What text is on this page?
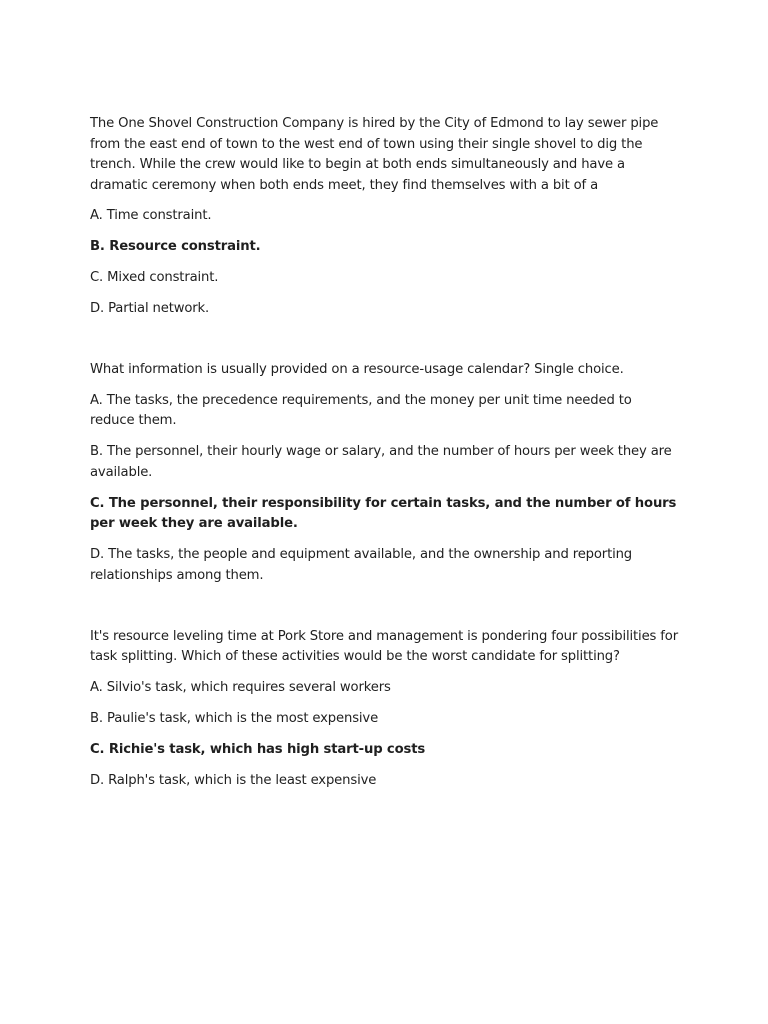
The One Shovel Construction Company is hired by the City of Edmond to lay sewer pipe from the east end of town to the west end of town using their single shovel to dig the trench. While the crew would like to begin at both ends simultaneously and have a dramatic ceremony when both ends meet, they find themselves with a bit of a

A. Time constraint.

B. Resource constraint.

C. Mixed constraint.

D. Partial network.

What information is usually provided on a resource-usage calendar? Single choice.

A. The tasks, the precedence requirements, and the money per unit time needed to reduce them.

B. The personnel, their hourly wage or salary, and the number of hours per week they are available.

C. The personnel, their responsibility for certain tasks, and the number of hours per week they are available.

D. The tasks, the people and equipment available, and the ownership and reporting relationships among them.

It's resource leveling time at Pork Store and management is pondering four possibilities for task splitting. Which of these activities would be the worst candidate for splitting?

A. Silvio's task, which requires several workers

B. Paulie's task, which is the most expensive

C. Richie's task, which has high start-up costs

D. Ralph's task, which is the least expensive
